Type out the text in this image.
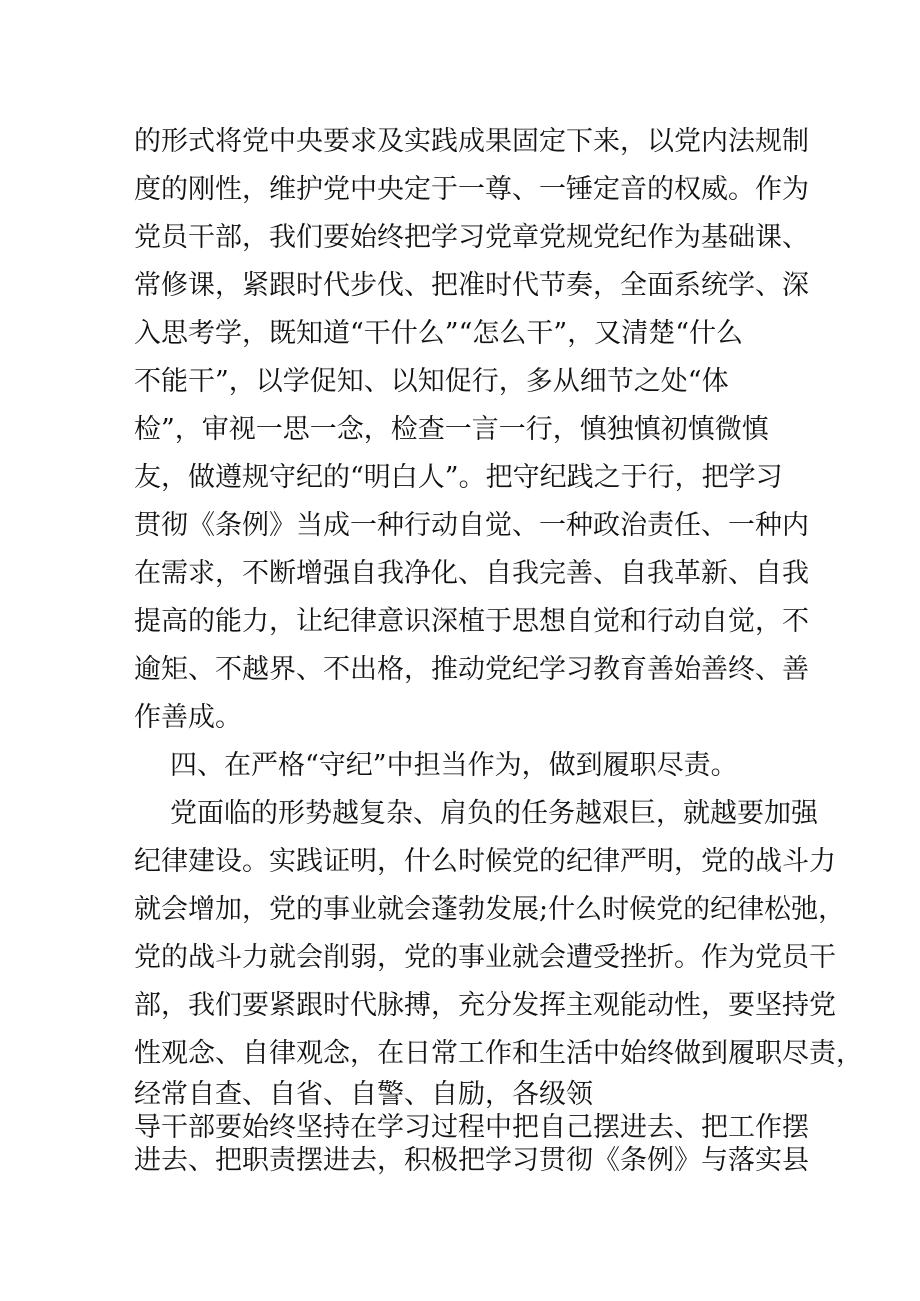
的形式将党中央要求及实践成果固定下来，以党内法规制
度的刚性，维护党中央定于一尊、一锤定音的权威。作为
党员干部，我们要始终把学习党章党规党纪作为基础课、
常修课，紧跟时代步伐、把准时代节奏，全面系统学、深
入思考学，既知道“干什么”“怎么干”，又清楚“什么
不能干”，以学促知、以知促行，多从细节之处“体
检”，审视一思一念，检查一言一行，慎独慎初慎微慎
友，做遵规守纪的“明白人”。把守纪践之于行，把学习
贯彻《条例》当成一种行动自觉、一种政治责任、一种内
在需求，不断增强自我净化、自我完善、自我革新、自我
提高的能力，让纪律意识深植于思想自觉和行动自觉，不
逾矩、不越界、不出格，推动党纪学习教育善始善终、善
作善成。
四、在严格“守纪”中担当作为，做到履职尽责。
党面临的形势越复杂、肩负的任务越艰巨，就越要加强
纪律建设。实践证明，什么时候党的纪律严明，党的战斗力
就会增加，党的事业就会蓬勃发展;什么时候党的纪律松弛，
党的战斗力就会削弱，党的事业就会遭受挫折。作为党员干
部，我们要紧跟时代脉搏，充分发挥主观能动性，要坚持党
性观念、自律观念，在日常工作和生活中始终做到履职尽责，
经常自查、自省、自警、自励，各级领
导干部要始终坚持在学习过程中把自己摆进去、把工作摆
进去、把职责摆进去，积极把学习贯彻《条例》与落实县
